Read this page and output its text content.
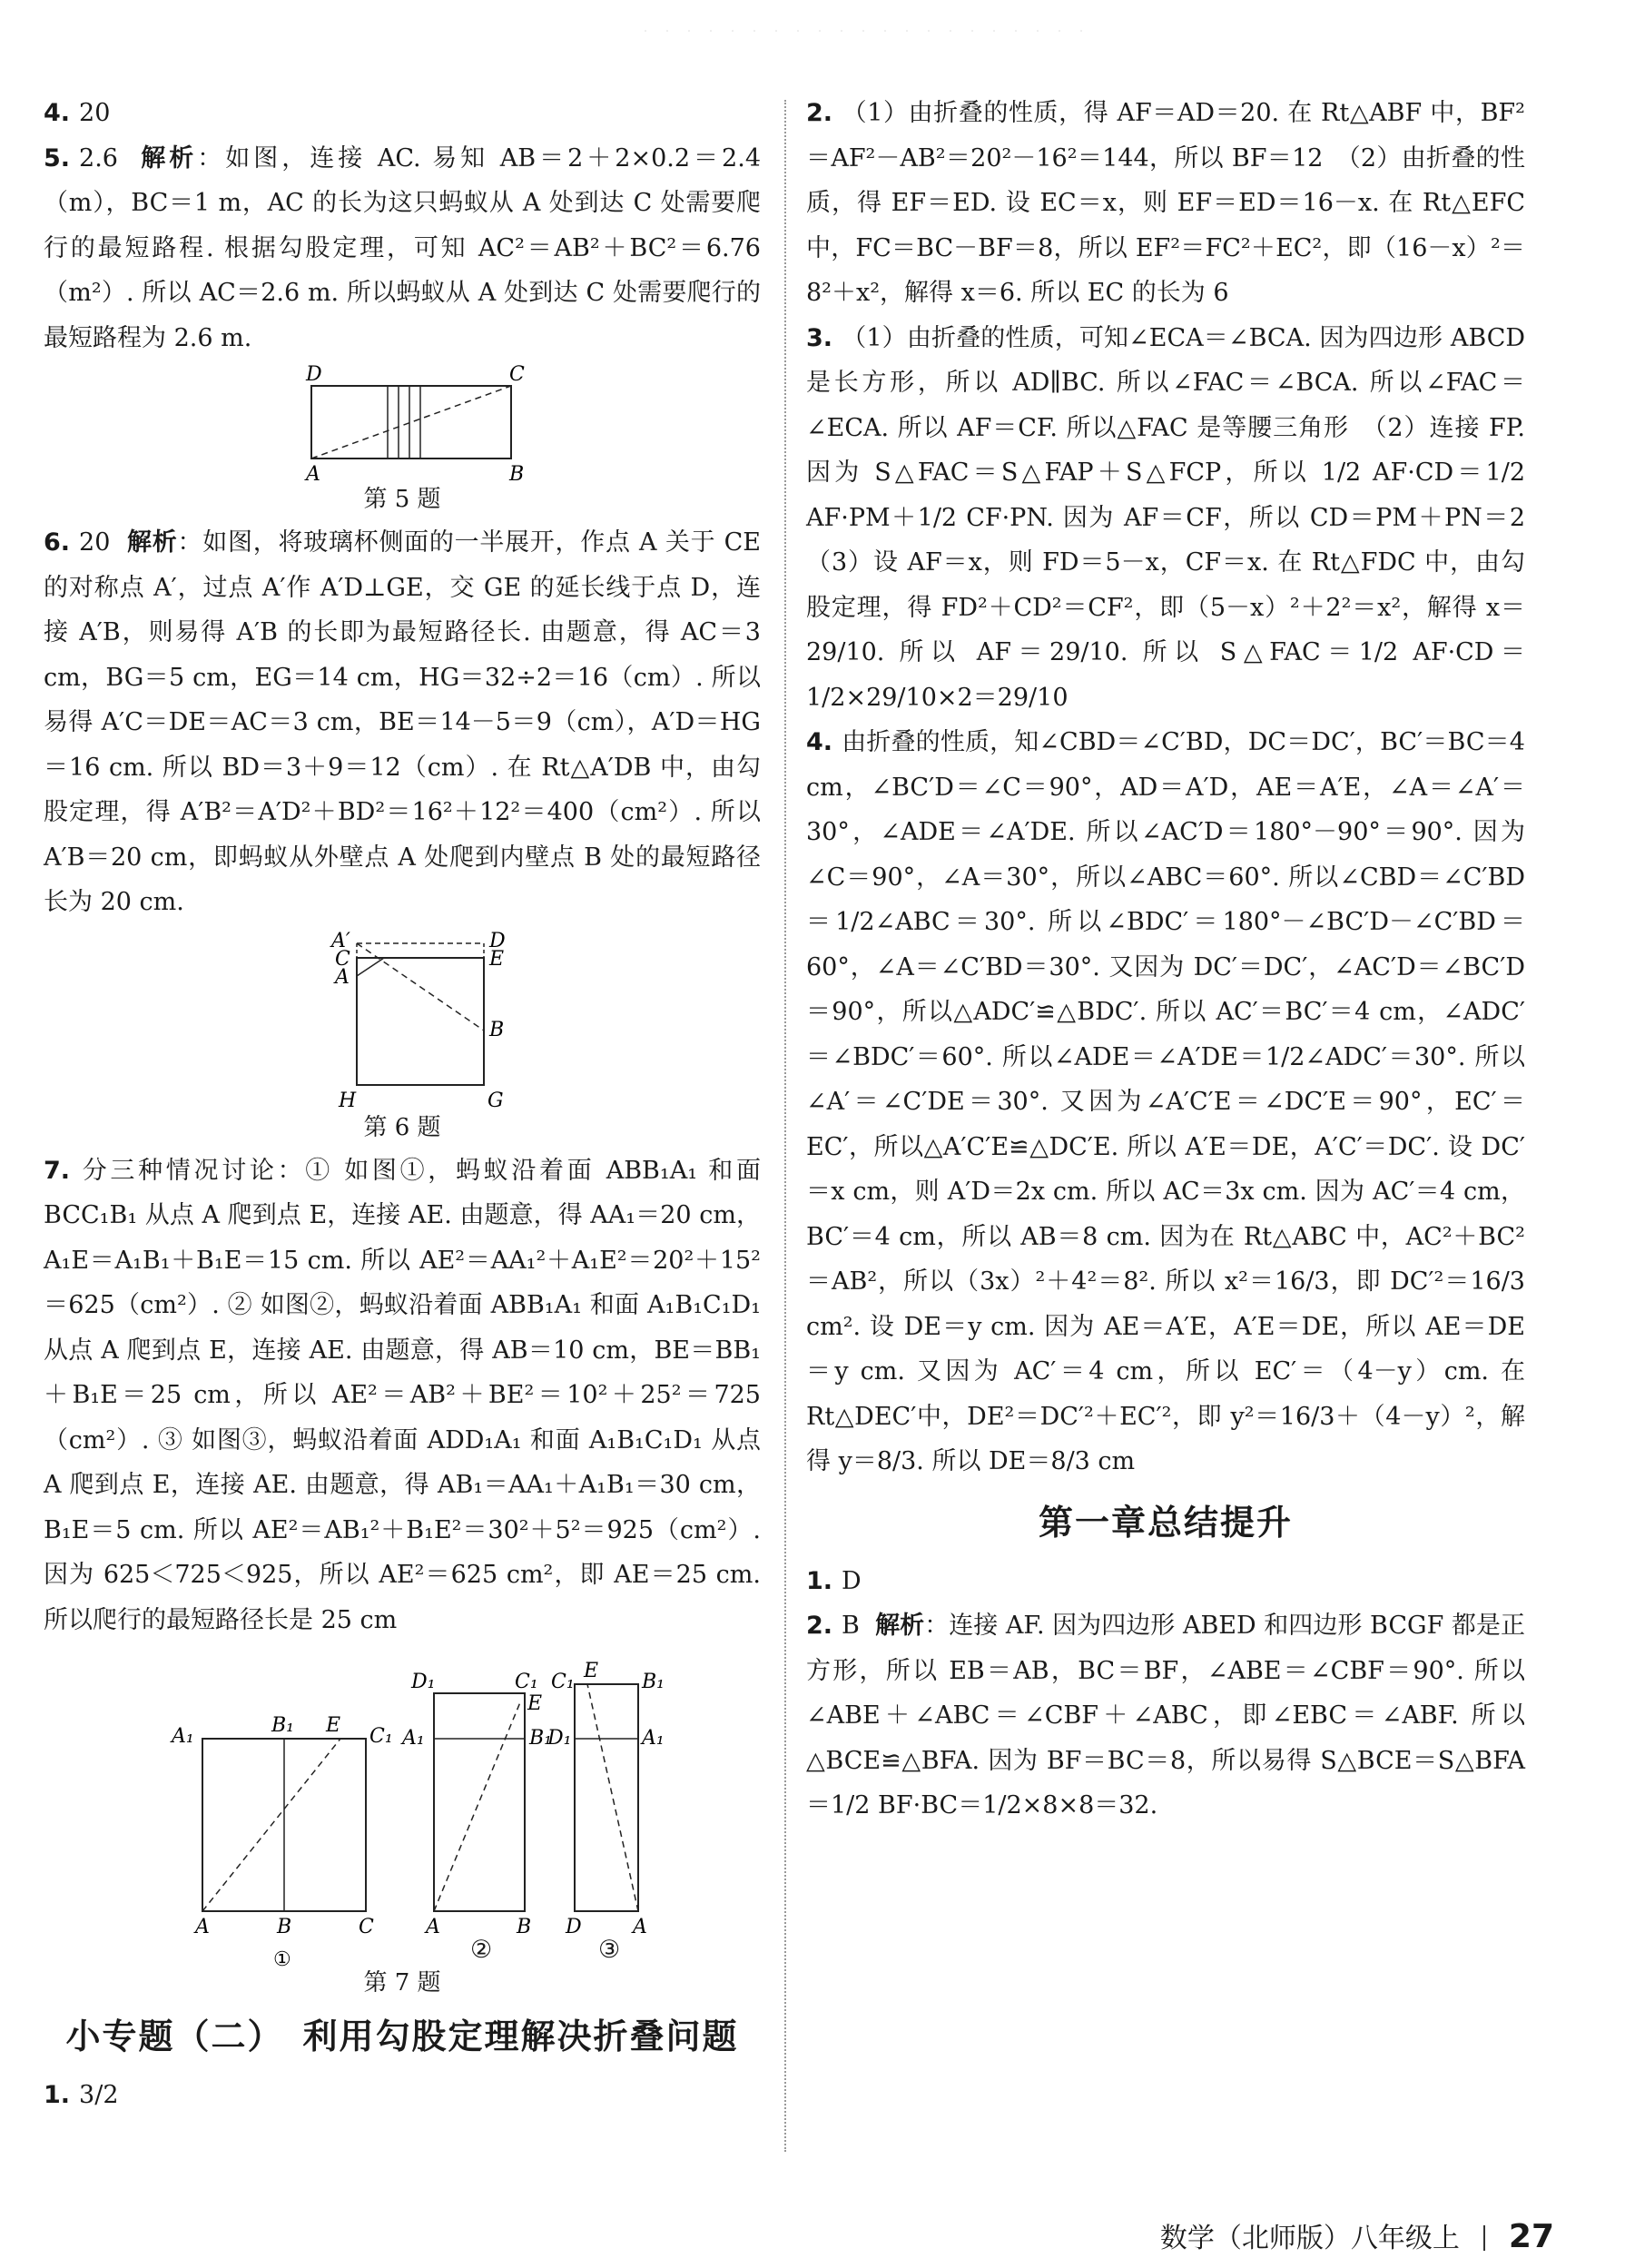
4. 20

5. 2.6 解析：如图，连接 AC. 易知 AB＝2＋2×0.2＝2.4（m），BC＝1 m，AC 的长为这只蚂蚁从 A 处到达 C 处需要爬行的最短路程. 根据勾股定理，可知 AC²＝AB²＋BC²＝6.76（m²）. 所以 AC＝2.6 m. 所以蚂蚁从 A 处到达 C 处需要爬行的最短路程为 2.6 m.

D	C
A	B

第 5 题

6. 20 解析：如图，将玻璃杯侧面的一半展开，作点 A 关于 CE 的对称点 A′，过点 A′作 A′D⊥GE，交 GE 的延长线于点 D，连接 A′B，则易得 A′B 的长即为最短路径长. 由题意，得 AC＝3 cm，BG＝5 cm，EG＝14 cm，HG＝32÷2＝16（cm）. 所以易得 A′C＝DE＝AC＝3 cm，BE＝14－5＝9（cm），A′D＝HG＝16 cm. 所以 BD＝3＋9＝12（cm）. 在 Rt△A′DB 中，由勾股定理，得 A′B²＝A′D²＋BD²＝16²＋12²＝400（cm²）. 所以 A′B＝20 cm，即蚂蚁从外壁点 A 处爬到内壁点 B 处的最短路径长为 20 cm.

A′	D
C	E
A
B
H	G

第 6 题

7. 分三种情况讨论：① 如图①，蚂蚁沿着面 ABB₁A₁ 和面 BCC₁B₁ 从点 A 爬到点 E，连接 AE. 由题意，得 AA₁＝20 cm，A₁E＝A₁B₁＋B₁E＝15 cm. 所以 AE²＝AA₁²＋A₁E²＝20²＋15²＝625（cm²）. ② 如图②，蚂蚁沿着面 ABB₁A₁ 和面 A₁B₁C₁D₁ 从点 A 爬到点 E，连接 AE. 由题意，得 AB＝10 cm，BE＝BB₁＋B₁E＝25 cm，所以 AE²＝AB²＋BE²＝10²＋25²＝725（cm²）. ③ 如图③，蚂蚁沿着面 ADD₁A₁ 和面 A₁B₁C₁D₁ 从点 A 爬到点 E，连接 AE. 由题意，得 AB₁＝AA₁＋A₁B₁＝30 cm，B₁E＝5 cm. 所以 AE²＝AB₁²＋B₁E²＝30²＋5²＝925（cm²）. 因为 625＜725＜925，所以 AE²＝625 cm²，即 AE＝25 cm. 所以爬行的最短路径长是 25 cm

A₁	B₁ E C₁
A	B	C
①
D₁	C₁
E
A₁	B₁
A	B
C₁ E B₁
D₁	A₁
D	A
②	③

第 7 题

小专题（二）　利用勾股定理解决折叠问题

1. 3/2

2. （1）由折叠的性质，得 AF＝AD＝20. 在 Rt△ABF 中，BF²＝AF²－AB²＝20²－16²＝144，所以 BF＝12　（2）由折叠的性质，得 EF＝ED. 设 EC＝x，则 EF＝ED＝16－x. 在 Rt△EFC 中，FC＝BC－BF＝8，所以 EF²＝FC²＋EC²，即（16－x）²＝8²＋x²，解得 x＝6. 所以 EC 的长为 6

3. （1）由折叠的性质，可知∠ECA＝∠BCA. 因为四边形 ABCD 是长方形，所以 AD∥BC. 所以∠FAC＝∠BCA. 所以∠FAC＝∠ECA. 所以 AF＝CF. 所以△FAC 是等腰三角形　（2）连接 FP. 因为 S△FAC＝S△FAP＋S△FCP，所以 1/2 AF·CD＝1/2 AF·PM＋1/2 CF·PN. 因为 AF＝CF，所以 CD＝PM＋PN＝2　（3）设 AF＝x，则 FD＝5－x，CF＝x. 在 Rt△FDC 中，由勾股定理，得 FD²＋CD²＝CF²，即（5－x）²＋2²＝x²，解得 x＝29/10. 所以 AF＝29/10. 所以 S△FAC＝1/2 AF·CD＝1/2×29/10×2＝29/10

4. 由折叠的性质，知∠CBD＝∠C′BD，DC＝DC′，BC′＝BC＝4 cm，∠BC′D＝∠C＝90°，AD＝A′D，AE＝A′E，∠A＝∠A′＝30°，∠ADE＝∠A′DE. 所以∠AC′D＝180°－90°＝90°. 因为∠C＝90°，∠A＝30°，所以∠ABC＝60°. 所以∠CBD＝∠C′BD＝1/2∠ABC＝30°. 所以∠BDC′＝180°－∠BC′D－∠C′BD＝60°，∠A＝∠C′BD＝30°. 又因为 DC′＝DC′，∠AC′D＝∠BC′D＝90°，所以△ADC′≌△BDC′. 所以 AC′＝BC′＝4 cm，∠ADC′＝∠BDC′＝60°. 所以∠ADE＝∠A′DE＝1/2∠ADC′＝30°. 所以∠A′＝∠C′DE＝30°. 又因为∠A′C′E＝∠DC′E＝90°，EC′＝EC′，所以△A′C′E≌△DC′E. 所以 A′E＝DE，A′C′＝DC′. 设 DC′＝x cm，则 A′D＝2x cm. 所以 AC＝3x cm. 因为 AC′＝4 cm，BC′＝4 cm，所以 AB＝8 cm. 因为在 Rt△ABC 中，AC²＋BC²＝AB²，所以（3x）²＋4²＝8². 所以 x²＝16/3，即 DC′²＝16/3 cm². 设 DE＝y cm. 因为 AE＝A′E，A′E＝DE，所以 AE＝DE＝y cm. 又因为 AC′＝4 cm，所以 EC′＝（4－y）cm. 在 Rt△DEC′中，DE²＝DC′²＋EC′²，即 y²＝16/3＋（4－y）²，解得 y＝8/3. 所以 DE＝8/3 cm

第一章总结提升

1. D

2. B 解析：连接 AF. 因为四边形 ABED 和四边形 BCGF 都是正方形，所以 EB＝AB，BC＝BF，∠ABE＝∠CBF＝90°. 所以∠ABE＋∠ABC＝∠CBF＋∠ABC，即∠EBC＝∠ABF. 所以△BCE≌△BFA. 因为 BF＝BC＝8，所以易得 S△BCE＝S△BFA＝1/2 BF·BC＝1/2×8×8＝32.

数学（北师版）八年级上 27
